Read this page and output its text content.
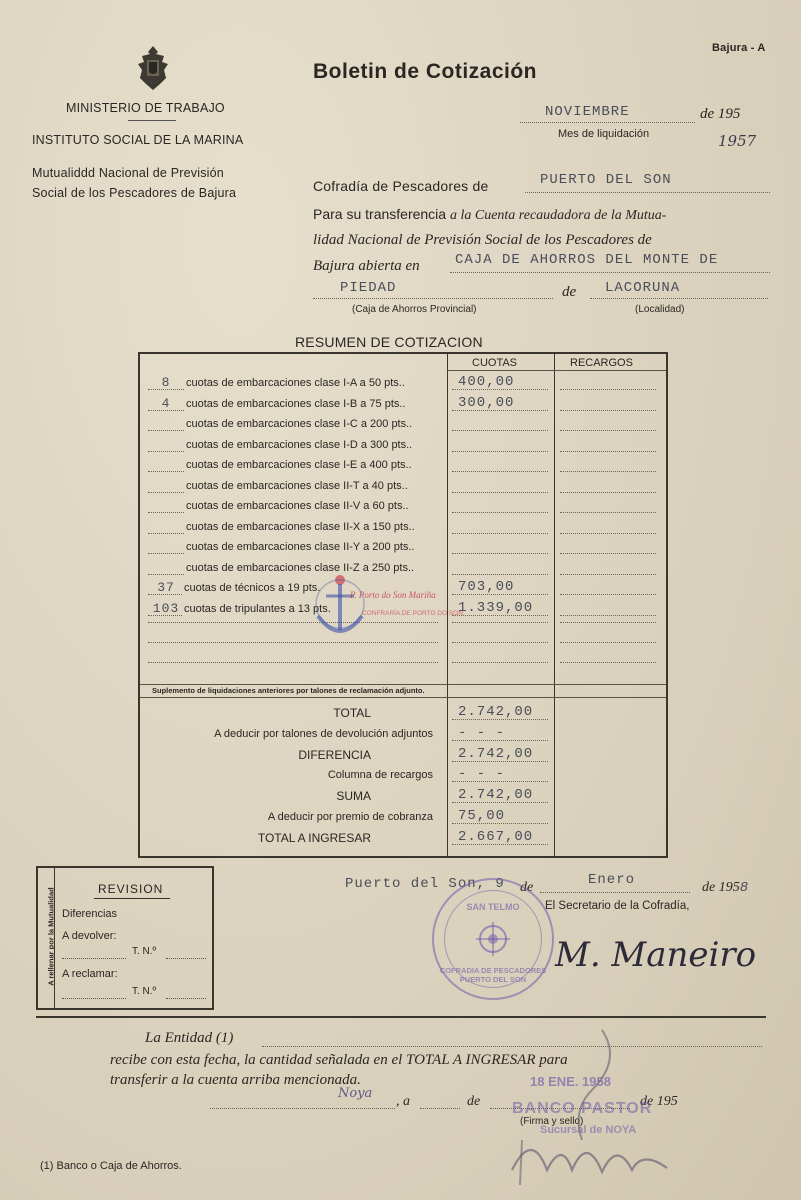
Bajura - A
Boletin de Cotización
MINISTERIO DE TRABAJO
INSTITUTO SOCIAL DE LA MARINA
Mutualiddd Nacional de Previsión
Social de los Pescadores de Bajura
NOVIEMBRE	de 195
1957
Mes de liquidación
Cofradía de Pescadores de	PUERTO DEL SON
Para su transferencia a la Cuenta recaudadora de la Mutua-
lidad Nacional de Previsión Social de los Pescadores de
Bajura abierta en	CAJA DE AHORROS DEL MONTE DE
PIEDAD	de LACORUNA
(Caja de Ahorros Provincial)	(Localidad)
RESUMEN DE COTIZACION
CUOTAS	RECARGOS
8	cuotas de embarcaciones clase I-A a 50 pts..	400,00
4	cuotas de embarcaciones clase I-B a 75 pts..	300,00
cuotas de embarcaciones clase I-C a 200 pts..
cuotas de embarcaciones clase I-D a 300 pts..
cuotas de embarcaciones clase I-E a 400 pts..
cuotas de embarcaciones clase II-T a 40 pts..
cuotas de embarcaciones clase II-V a 60 pts..
cuotas de embarcaciones clase II-X a 150 pts..
cuotas de embarcaciones clase II-Y a 200 pts..
cuotas de embarcaciones clase II-Z a 250 pts..
37 cuotas de técnicos a 19 pts.	703,00
103 cuotas de tripulantes a 13 pts.	1.339,00
Suplemento de liquidaciones anteriores por talones de reclamación adjunto.
TOTAL	2.742,00
A deducir por talones de devolución adjuntos	- - -
DIFERENCIA	2.742,00
Columna de recargos	- - -
SUMA	2.742,00
A deducir por premio de cobranza	75,00
TOTAL A INGRESAR	2.667,00
P. Porto do Son Mariña
CONFRARÍA DE PORTO DO SON
A rellenar por la Mutualidad	REVISION
Diferencias
A devolver:
T. N.º
A reclamar:
T. N.º
Puerto del Son, 9 de	Enero	de 1958
El Secretario de la Cofradía,
M. Maneiro
COFRADIA DE PESCADORES PUERTO DEL SON
SAN TELMO
La Entidad (1)
recibe con esta fecha, la cantidad señalada en el TOTAL A INGRESAR para
transferir a la cuenta arriba mencionada.
Noya
, a	de	de 195
(Firma y sello)
18 ENE. 1958
BANCO PASTOR
Sucursal de NOYA
(1) Banco o Caja de Ahorros.
